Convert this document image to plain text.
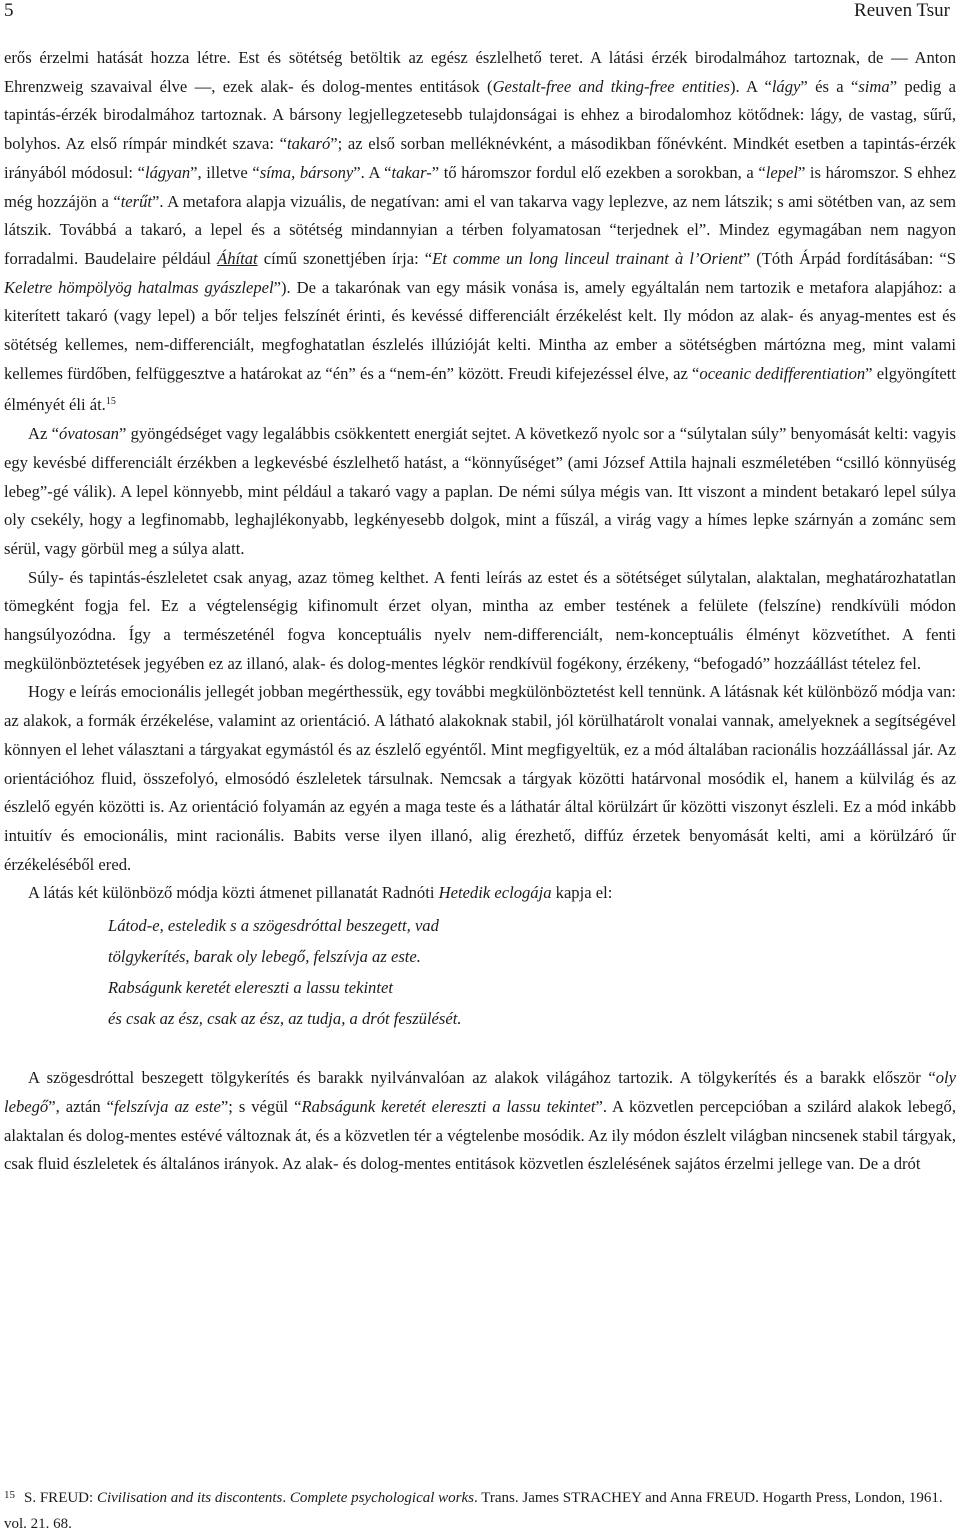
5	Reuven Tsur

erős érzelmi hatását hozza létre. Est és sötétség betöltik az egész észlelhető teret. A látási érzék birodalmához tartoznak, de — Anton Ehrenzweig szavaival élve —, ezek alak- és dolog-mentes entitások (Gestalt-free and tking-free entities). A “lágy” és a “sima” pedig a tapintás-érzék birodalmához tartoznak. A bársony legjellegzetesebb tulajdonságai is ehhez a birodalomhoz kötődnek: lágy, de vastag, sűrű, bolyhos. Az első rímpár mindkét szava: “takaró”; az első sorban melléknévként, a másodikban főnévként. Mindkét esetben a tapintás-érzék irányából módosul: “lágyan”, illetve “síma, bársony”. A “takar-” tő háromszor fordul elő ezekben a sorokban, a “lepel” is háromszor. S ehhez még hozzájön a “terűt”. A metafora alapja vizuális, de negatívan: ami el van takarva vagy leplezve, az nem látszik; s ami sötétben van, az sem látszik. Továbbá a takaró, a lepel és a sötétség mindannyian a térben folyamatosan “terjednek el”. Mindez egymagában nem nagyon forradalmi. Baudelaire például Áhítat című szonettjében írja: “Et comme un long linceul trainant à l’Orient” (Tóth Árpád fordításában: “S Keletre hömpölyög hatalmas gyászlepel”). De a takarónak van egy másik vonása is, amely egyáltalán nem tartozik e metafora alapjához: a kiterített takaró (vagy lepel) a bőr teljes felszínét érinti, és kevéssé differenciált érzékelést kelt. Ily módon az alak- és anyag-mentes est és sötétség kellemes, nem-differenciált, megfoghatatlan észlelés illúzióját kelti. Mintha az ember a sötétségben mártózna meg, mint valami kellemes fürdőben, felfüggesztve a határokat az “én” és a “nem-én” között. Freudi kifejezéssel élve, az “oceanic dedifferentiation” elgyöngített élményét éli át.$^{15}$

Az “óvatosan” gyöngédséget vagy legalábbis csökkentett energiát sejtet. A következő nyolc sor a “súlytalan súly” benyomását kelti: vagyis egy kevésbé differenciált érzékben a legkevésbé észlelhető hatást, a “könnyűséget” (ami József Attila hajnali eszméletében “csilló könnyüség lebeg”-gé válik). A lepel könnyebb, mint például a takaró vagy a paplan. De némi súlya mégis van. Itt viszont a mindent betakaró lepel súlya oly csekély, hogy a legfinomabb, leghajlékonyabb, legkényesebb dolgok, mint a fűszál, a virág vagy a hímes lepke szárnyán a zománc sem sérül, vagy görbül meg a súlya alatt.

Súly- és tapintás-észleletet csak anyag, azaz tömeg kelthet. A fenti leírás az estet és a sötétséget súlytalan, alaktalan, meghatározhatatlan tömegként fogja fel. Ez a végtelenségig kifinomult érzet olyan, mintha az ember testének a felülete (felszíne) rendkívüli módon hangsúlyozódna. Így a természeténél fogva konceptuális nyelv nem-differenciált, nem-konceptuális élményt közvetíthet. A fenti megkülönböztetések jegyében ez az illanó, alak- és dolog-mentes légkör rendkívül fogékony, érzékeny, “befogadó” hozzáállást tételez fel.

Hogy e leírás emocionális jellegét jobban megérthessük, egy további megkülönböztetést kell tennünk. A látásnak két különböző módja van: az alakok, a formák érzékelése, valamint az orientáció. A látható alakoknak stabil, jól körülhatárolt vonalai vannak, amelyeknek a segítségével könnyen el lehet választani a tárgyakat egymástól és az észlelő egyéntől. Mint megfigyeltük, ez a mód általában racionális hozzáállással jár. Az orientációhoz fluid, összefolyó, elmosódó észleletek társulnak. Nemcsak a tárgyak közötti határvonal mosódik el, hanem a külvilág és az észlelő egyén közötti is. Az orientáció folyamán az egyén a maga teste és a láthatár által körülzárt űr közötti viszonyt észleli. Ez a mód inkább intuitív és emocionális, mint racionális. Babits verse ilyen illanó, alig érezhető, diffúz érzetek benyomását kelti, ami a körülzáró űr érzékeléséből ered.

A látás két különböző módja közti átmenet pillanatát Radnóti Hetedik eclogája kapja el:

Látod-e, esteledik s a szögesdróttal beszegett, vad
tölgykerítés, barak oly lebegő, felszívja az este.
Rabságunk keretét elereszti a lassu tekintet
és csak az ész, csak az ész, az tudja, a drót feszülését.

A szögesdróttal beszegett tölgykerítés és barakk nyilvánvalóan az alakok világához tartozik. A tölgykerítés és a barakk először “oly lebegő”, aztán “felszívja az este”; s végül “Rabságunk keretét elereszti a lassu tekintet”. A közvetlen percepcióban a szilárd alakok lebegő, alaktalan és dolog-mentes estévé változnak át, és a közvetlen tér a végtelenbe mosódik. Az ily módon észlelt világban nincsenek stabil tárgyak, csak fluid észleletek és általános irányok. Az alak- és dolog-mentes entitások közvetlen észlelésének sajátos érzelmi jellege van. De a drót

15 S. FREUD: Civilisation and its discontents. Complete psychological works. Trans. James STRACHEY and Anna FREUD. Hogarth Press, London, 1961. vol. 21. 68.
